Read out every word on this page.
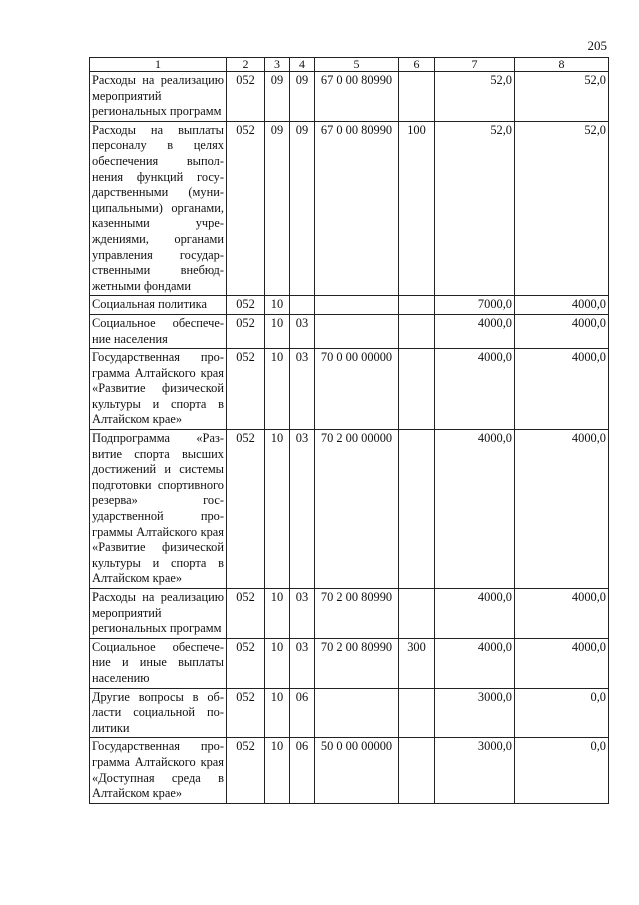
205
1	2	3	4	5	6	7	8
Расходы на реализацию мероприятий региональных программ	052	09	09	67 0 00 80990		52,0	52,0
Расходы на выплаты персоналу в целях обеспечения выполнения функций государственными (муниципальными) органами, казенными учреждениями, органами управления государственными внебюджетными фондами	052	09	09	67 0 00 80990	100	52,0	52,0
Социальная политика	052	10				7000,0	4000,0
Социальное обеспечение населения	052	10	03			4000,0	4000,0
Государственная программа Алтайского края «Развитие физической культуры и спорта в Алтайском крае»	052	10	03	70 0 00 00000		4000,0	4000,0
Подпрограмма «Развитие спорта высших достижений и системы подготовки спортивного резерва» государственной программы Алтайского края «Развитие физической культуры и спорта в Алтайском крае»	052	10	03	70 2 00 00000		4000,0	4000,0
Расходы на реализацию мероприятий региональных программ	052	10	03	70 2 00 80990		4000,0	4000,0
Социальное обеспечение и иные выплаты населению	052	10	03	70 2 00 80990	300	4000,0	4000,0
Другие вопросы в области социальной политики	052	10	06			3000,0	0,0
Государственная программа Алтайского края «Доступная среда в Алтайском крае»	052	10	06	50 0 00 00000		3000,0	0,0
